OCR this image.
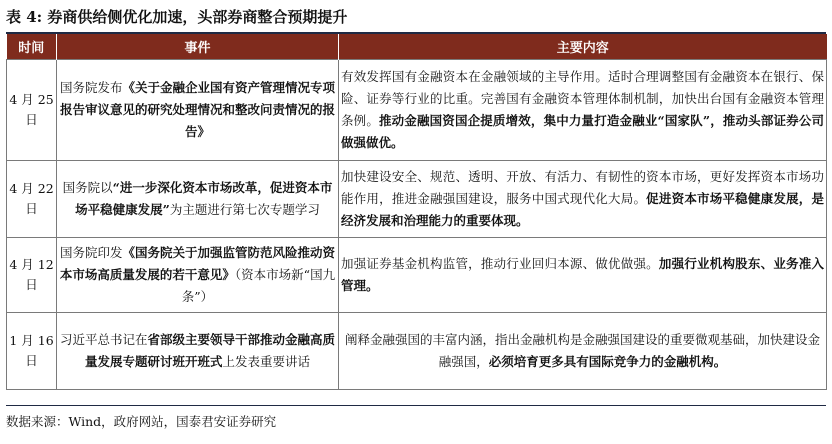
表 4: 券商供给侧优化加速，头部券商整合预期提升
时间	事件	主要内容
4 月 25 日	国务院发布《关于金融企业国有资产管理情况专项报告审议意见的研究处理情况和整改问责情况的报告》	有效发挥国有金融资本在金融领域的主导作用。适时合理调整国有金融资本在银行、保险、证券等行业的比重。完善国有金融资本管理体制机制，加快出台国有金融资本管理条例。推动金融国资国企提质增效，集中力量打造金融业“国家队”，推动头部证券公司做强做优。
4 月 22 日	国务院以“进一步深化资本市场改革，促进资本市场平稳健康发展”为主题进行第七次专题学习	加快建设安全、规范、透明、开放、有活力、有韧性的资本市场，更好发挥资本市场功能作用，推进金融强国建设，服务中国式现代化大局。促进资本市场平稳健康发展，是经济发展和治理能力的重要体现。
4 月 12 日	国务院印发《国务院关于加强监管防范风险推动资本市场高质量发展的若干意见》（资本市场新“国九条”）	加强证券基金机构监管，推动行业回归本源、做优做强。加强行业机构股东、业务准入管理。
1 月 16 日	习近平总书记在省部级主要领导干部推动金融高质量发展专题研讨班开班式上发表重要讲话	阐释金融强国的丰富内涵，指出金融机构是金融强国建设的重要微观基础，加快建设金融强国，必须培育更多具有国际竞争力的金融机构。
数据来源：Wind，政府网站，国泰君安证券研究
